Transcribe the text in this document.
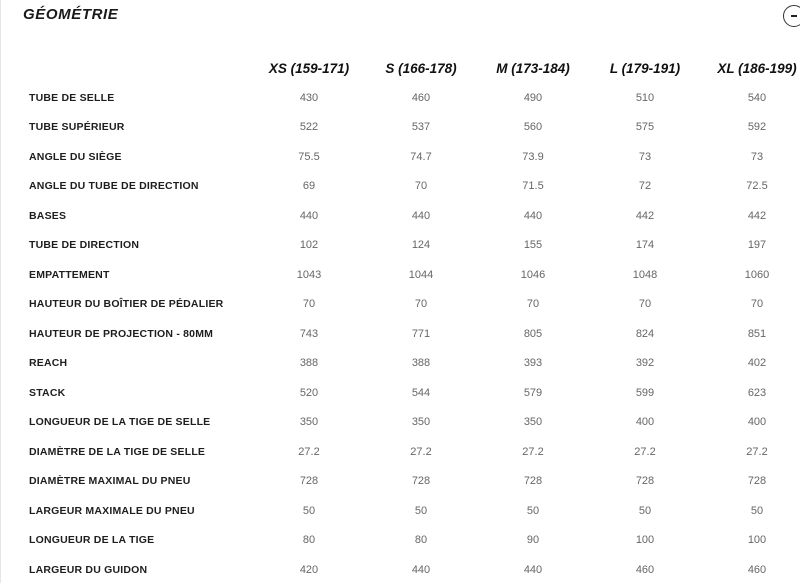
GÉOMÉTRIE
	XS (159-171)	S (166-178)	M (173-184)	L (179-191)	XL (186-199)
TUBE DE SELLE	430	460	490	510	540
TUBE SUPÉRIEUR	522	537	560	575	592
ANGLE DU SIÈGE	75.5	74.7	73.9	73	73
ANGLE DU TUBE DE DIRECTION	69	70	71.5	72	72.5
BASES	440	440	440	442	442
TUBE DE DIRECTION	102	124	155	174	197
EMPATTEMENT	1043	1044	1046	1048	1060
HAUTEUR DU BOÎTIER DE PÉDALIER	70	70	70	70	70
HAUTEUR DE PROJECTION - 80MM	743	771	805	824	851
REACH	388	388	393	392	402
STACK	520	544	579	599	623
LONGUEUR DE LA TIGE DE SELLE	350	350	350	400	400
DIAMÈTRE DE LA TIGE DE SELLE	27.2	27.2	27.2	27.2	27.2
DIAMÈTRE MAXIMAL DU PNEU	728	728	728	728	728
LARGEUR MAXIMALE DU PNEU	50	50	50	50	50
LONGUEUR DE LA TIGE	80	80	90	100	100
LARGEUR DU GUIDON	420	440	440	460	460
